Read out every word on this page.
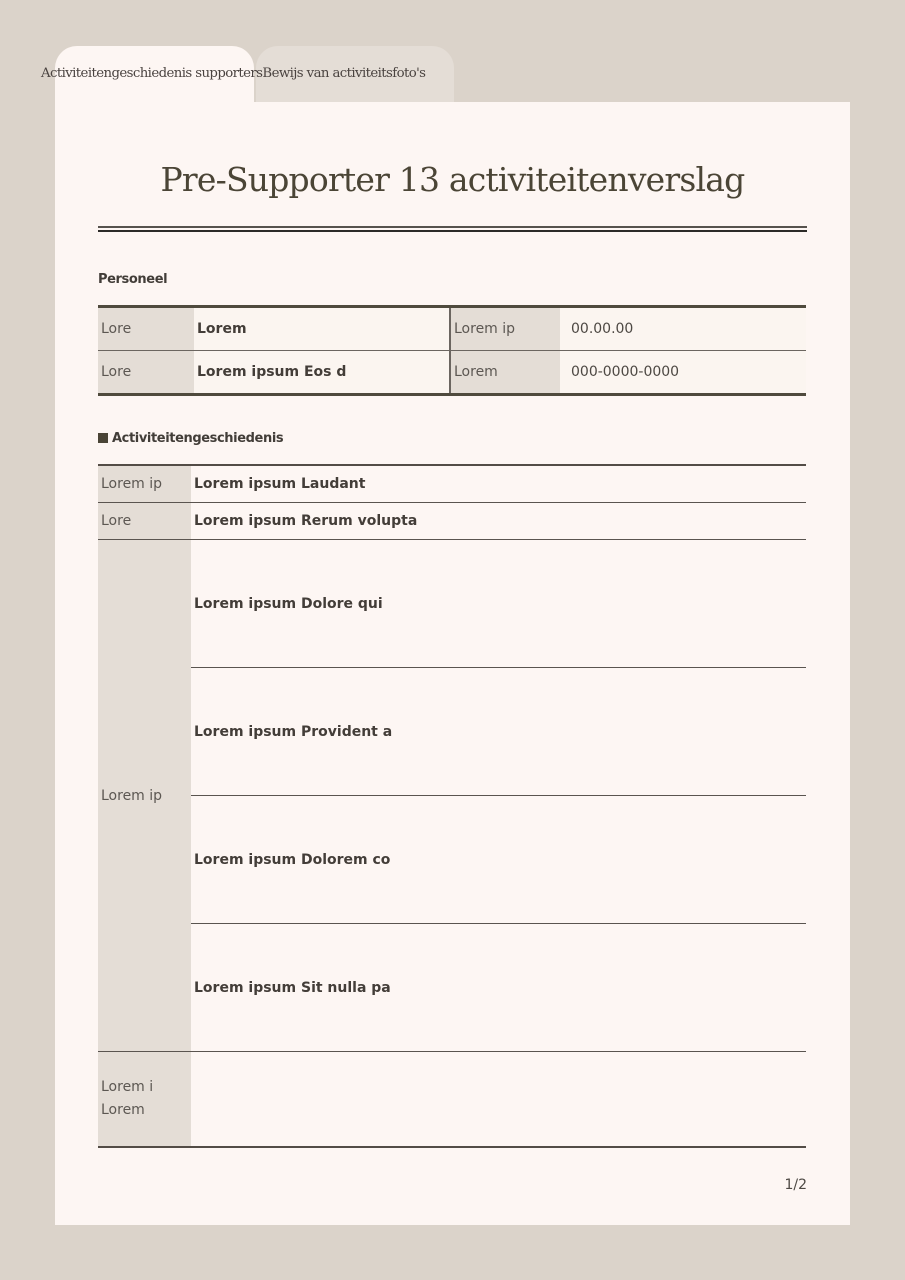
Activiteitengeschiedenis supportersBewijs van activiteitsfoto's
Pre-Supporter 13 activiteitenverslag
Personeel
Lore	Lorem	Lorem ip	00.00.00
Lore	Lorem ipsum Eos d	Lorem	000-0000-0000
Activiteitengeschiedenis
Lorem ip	Lorem ipsum Laudant
Lore	Lorem ipsum Rerum volupta
Lorem ip	Lorem ipsum Dolore qui

	Lorem ipsum Provident a

	Lorem ipsum Dolorem co

	Lorem ipsum Sit nulla pa

Lorem i
Lorem	
1/2
